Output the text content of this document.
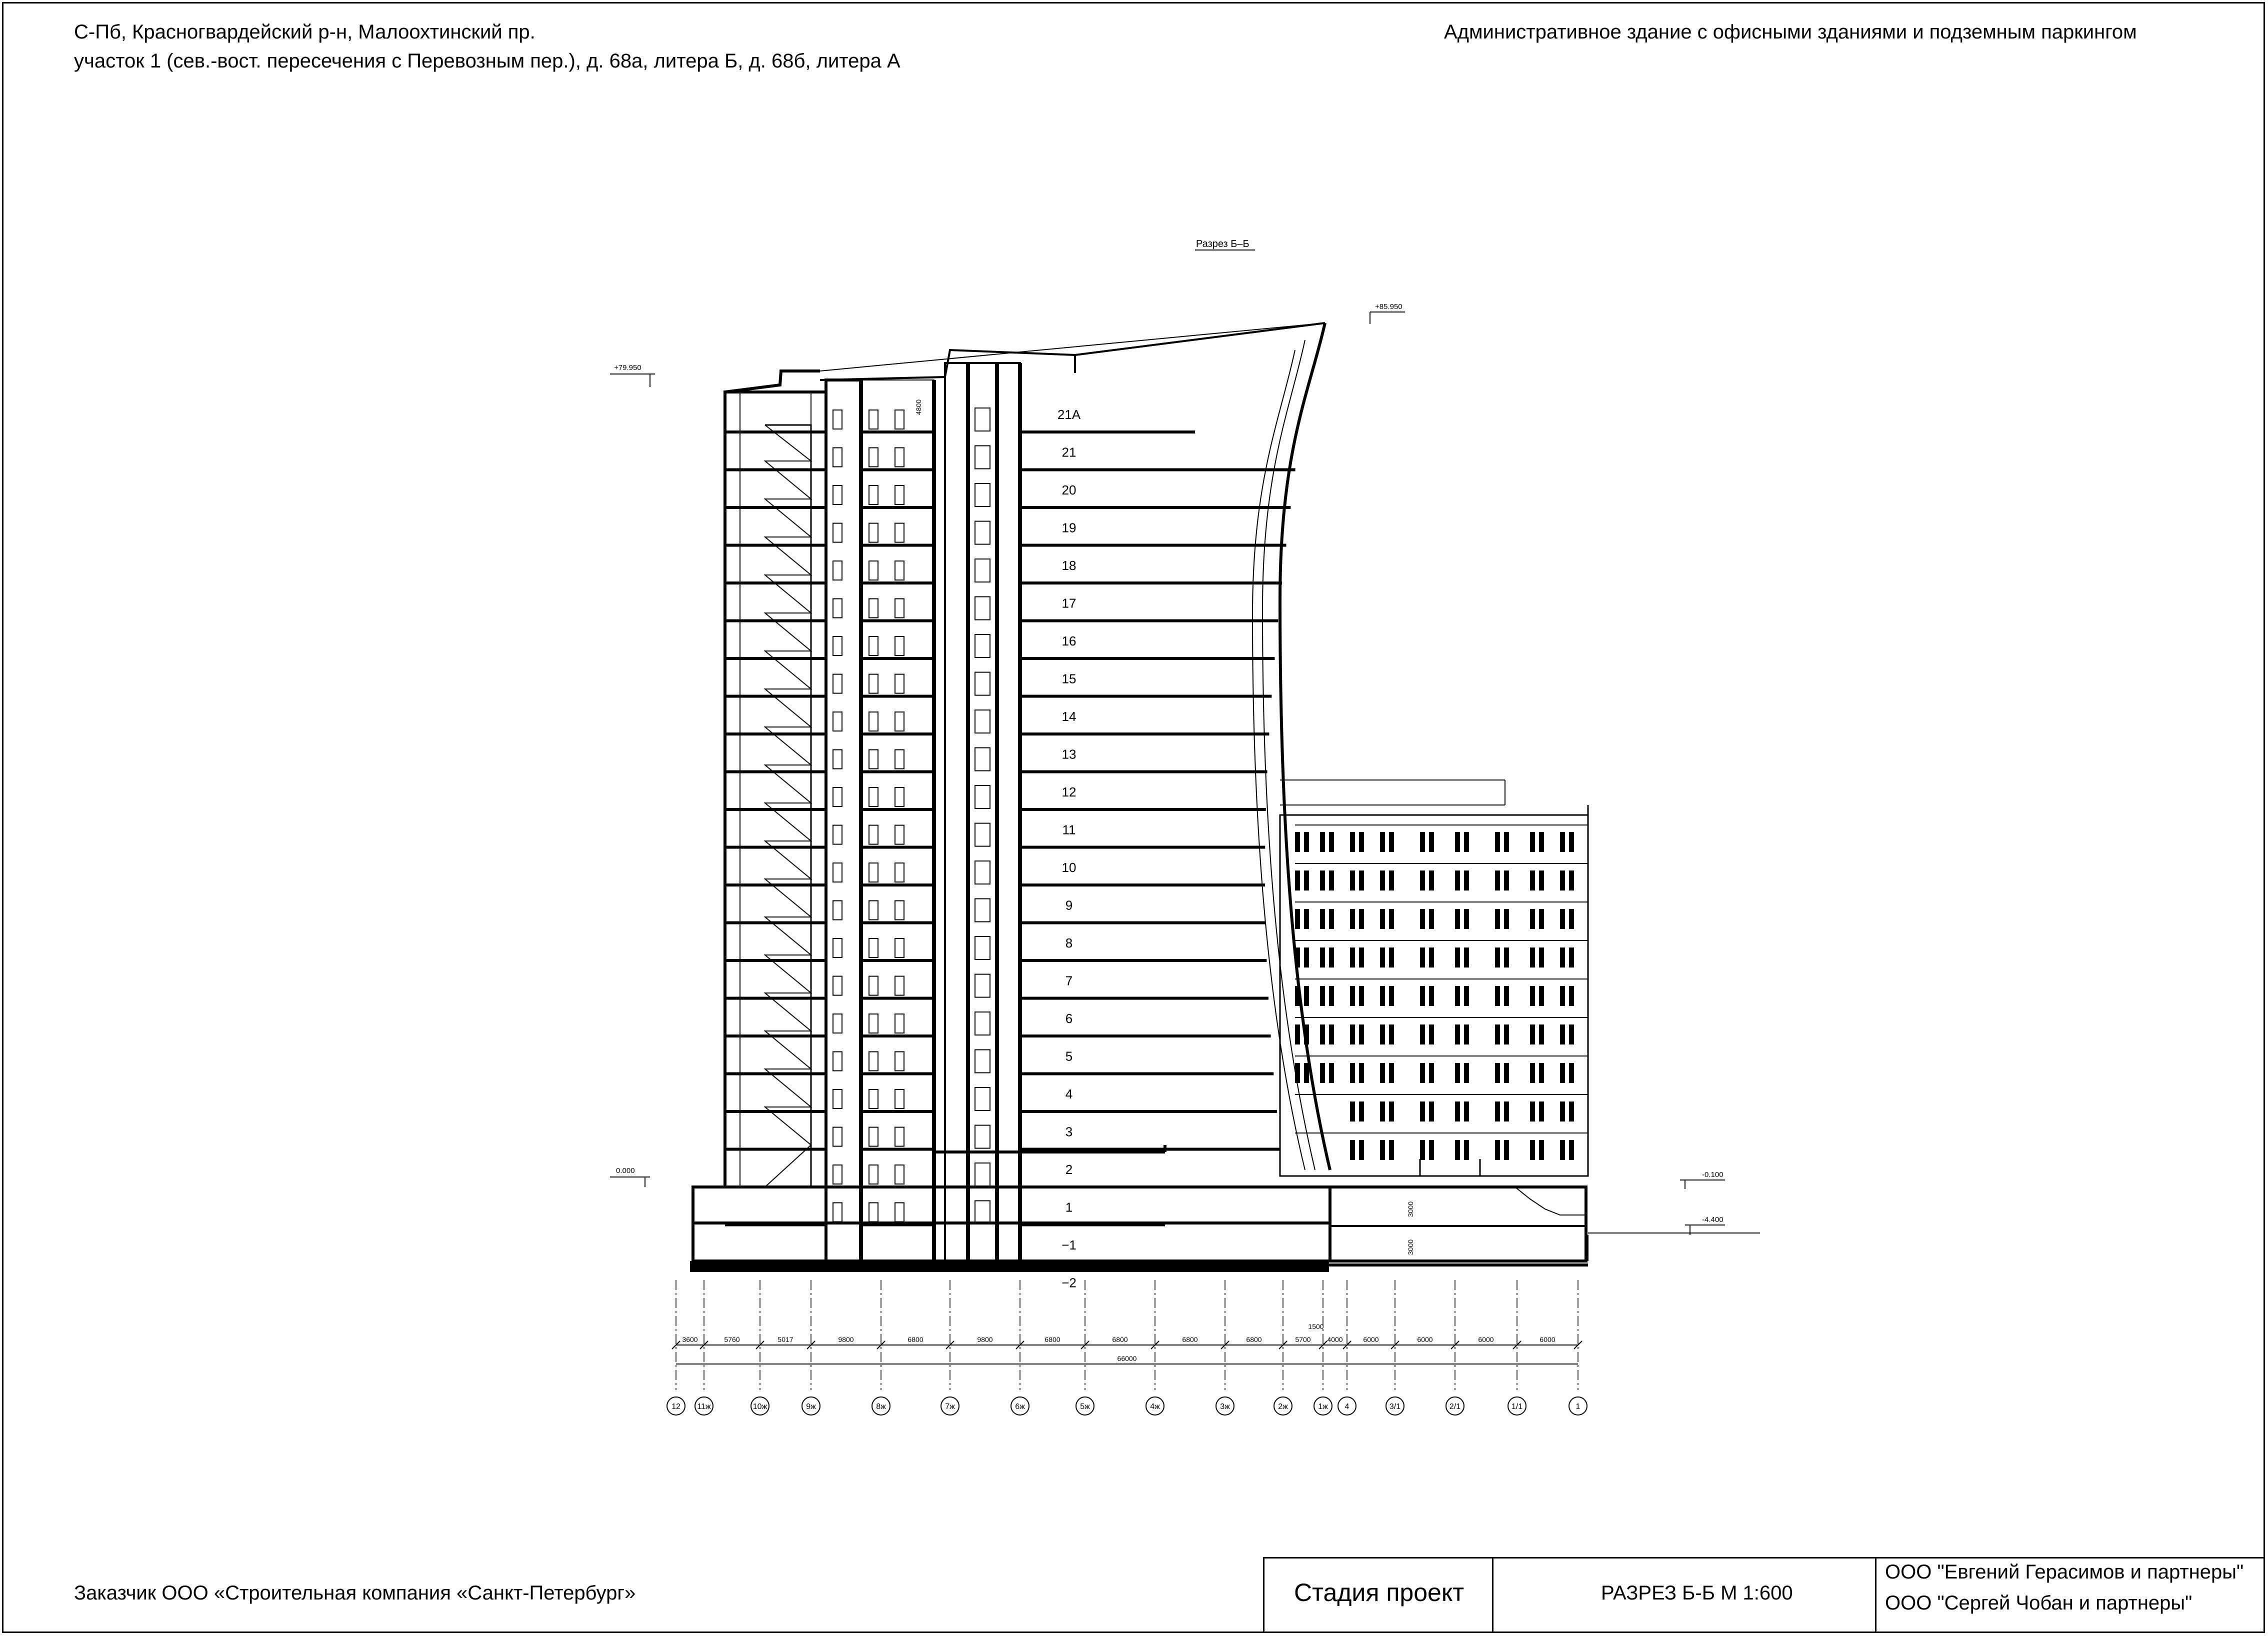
С-Пб, Красногвардейский р-н, Малоохтинский пр.
участок 1 (сев.-вост. пересечения с Перевозным пер.), д. 68а, литера Б, д. 68б, литера А
Административное здание с офисными зданиями и подземным паркингом
Разрез Б–Б
+85.950
+79.950
0.000	-0.100
-4.400
21А
21
20
19
18
17
16
15
14
13
12
11
10
9
8
7
6
5
4
3
2
1
−1
−2
3000
3000
4800
12 11ж	10ж	9ж	8ж	7ж	6ж	5ж	4ж	3ж	2ж	1ж 4	3/1	2/1	1/1	1
3600	5760	5017	9800	6800	9800	6800	6800	6800	6800	5700 4000	6000	6000	6000	6000
1500
66000
Заказчик ООО «Строительная компания «Санкт-Петербург»	Стадия проект	РАЗРЕЗ Б-Б М 1:600
ООО "Евгений Герасимов и партнеры"
ООО "Сергей Чобан и партнеры"
